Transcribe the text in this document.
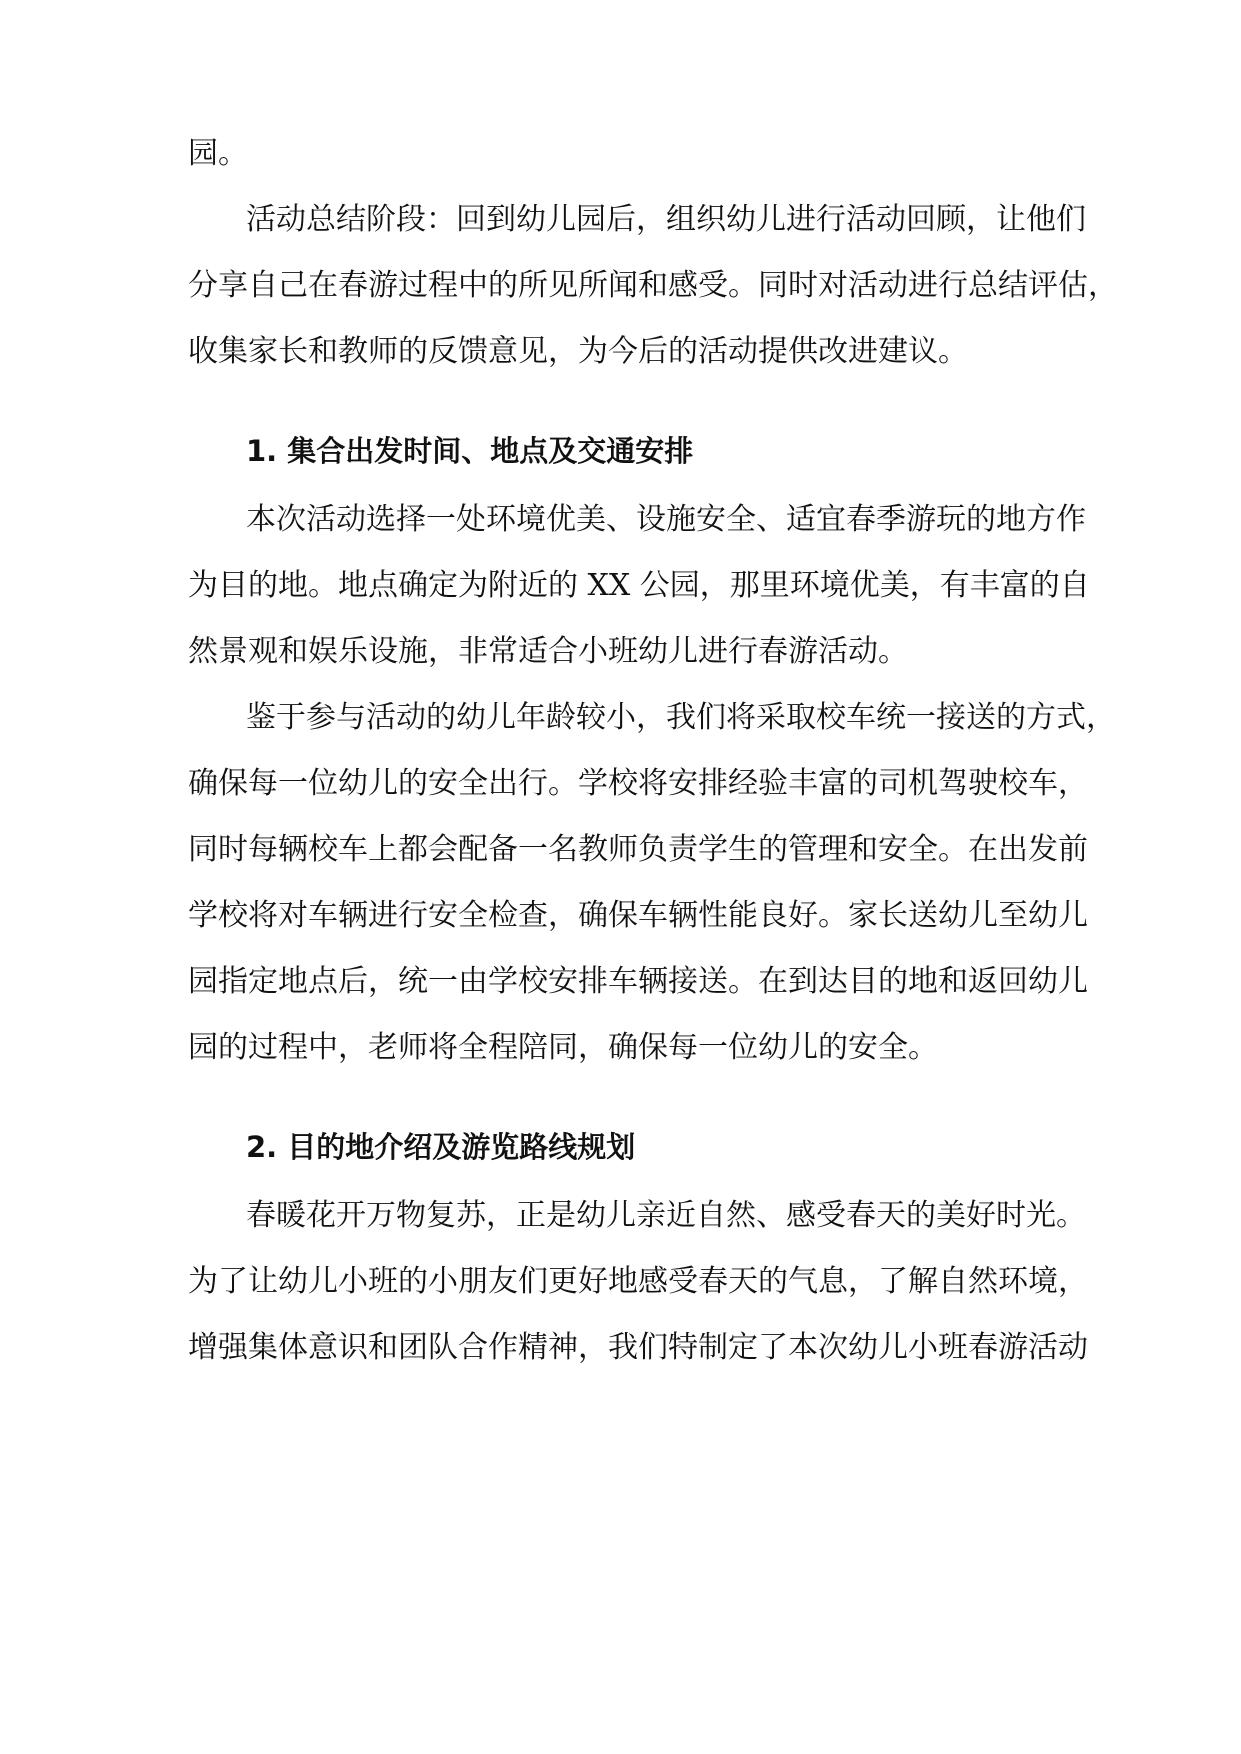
园。
活动总结阶段：回到幼儿园后，组织幼儿进行活动回顾，让他们
分享自己在春游过程中的所见所闻和感受。同时对活动进行总结评估，
收集家长和教师的反馈意见，为今后的活动提供改进建议。
1. 集合出发时间、地点及交通安排
本次活动选择一处环境优美、设施安全、适宜春季游玩的地方作
为目的地。地点确定为附近的 XX 公园，那里环境优美，有丰富的自
然景观和娱乐设施，非常适合小班幼儿进行春游活动。
鉴于参与活动的幼儿年龄较小，我们将采取校车统一接送的方式，
确保每一位幼儿的安全出行。学校将安排经验丰富的司机驾驶校车，
同时每辆校车上都会配备一名教师负责学生的管理和安全。在出发前
学校将对车辆进行安全检查，确保车辆性能良好。家长送幼儿至幼儿
园指定地点后，统一由学校安排车辆接送。在到达目的地和返回幼儿
园的过程中，老师将全程陪同，确保每一位幼儿的安全。
2. 目的地介绍及游览路线规划
春暖花开万物复苏，正是幼儿亲近自然、感受春天的美好时光。
为了让幼儿小班的小朋友们更好地感受春天的气息，了解自然环境，
增强集体意识和团队合作精神，我们特制定了本次幼儿小班春游活动
